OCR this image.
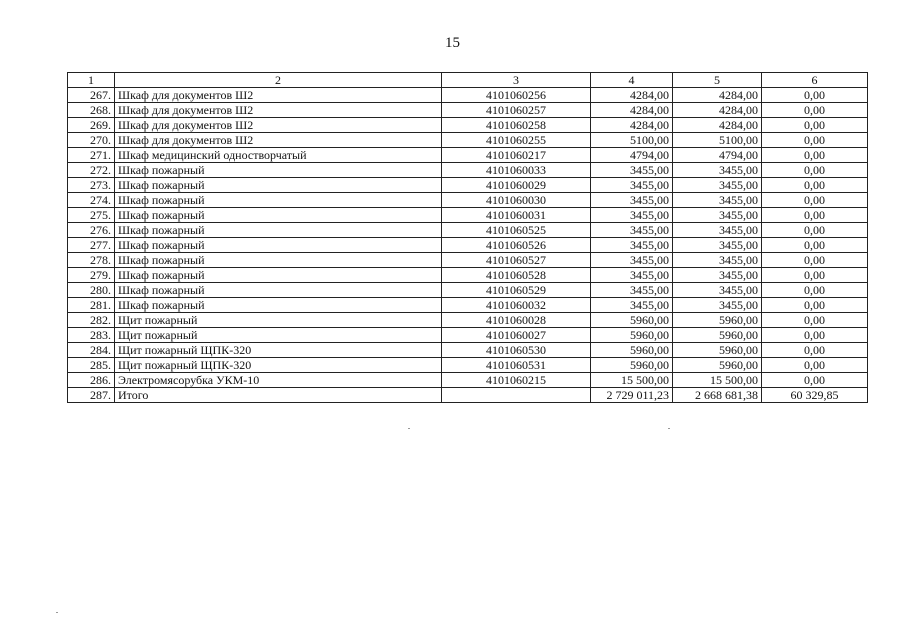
15
1	2	3	4	5	6
267.	Шкаф для документов Ш2	4101060256	4284,00	4284,00	0,00
268.	Шкаф для документов Ш2	4101060257	4284,00	4284,00	0,00
269.	Шкаф для документов Ш2	4101060258	4284,00	4284,00	0,00
270.	Шкаф для документов Ш2	4101060255	5100,00	5100,00	0,00
271.	Шкаф медицинский одностворчатый	4101060217	4794,00	4794,00	0,00
272.	Шкаф пожарный	4101060033	3455,00	3455,00	0,00
273.	Шкаф пожарный	4101060029	3455,00	3455,00	0,00
274.	Шкаф пожарный	4101060030	3455,00	3455,00	0,00
275.	Шкаф пожарный	4101060031	3455,00	3455,00	0,00
276.	Шкаф пожарный	4101060525	3455,00	3455,00	0,00
277.	Шкаф пожарный	4101060526	3455,00	3455,00	0,00
278.	Шкаф пожарный	4101060527	3455,00	3455,00	0,00
279.	Шкаф пожарный	4101060528	3455,00	3455,00	0,00
280.	Шкаф пожарный	4101060529	3455,00	3455,00	0,00
281.	Шкаф пожарный	4101060032	3455,00	3455,00	0,00
282.	Щит пожарный	4101060028	5960,00	5960,00	0,00
283.	Щит пожарный	4101060027	5960,00	5960,00	0,00
284.	Щит пожарный ЩПК-320	4101060530	5960,00	5960,00	0,00
285.	Щит пожарный ЩПК-320	4101060531	5960,00	5960,00	0,00
286.	Электромясорубка УКМ-10	4101060215	15 500,00	15 500,00	0,00
287.	Итого		2 729 011,23	2 668 681,38	60 329,85
